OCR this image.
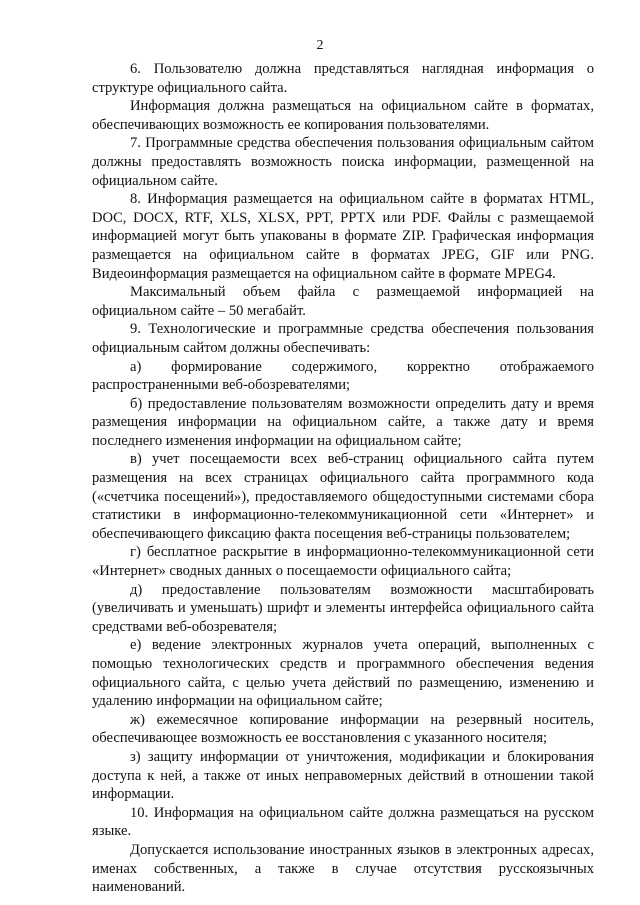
2

6. Пользователю должна представляться наглядная информация о структуре официального сайта.

Информация должна размещаться на официальном сайте в форматах, обеспечивающих возможность ее копирования пользователями.

7. Программные средства обеспечения пользования официальным сайтом должны предоставлять возможность поиска информации, размещенной на официальном сайте.

8. Информация размещается на официальном сайте в форматах HTML, DOC, DOCX, RTF, XLS, XLSX, PPT, PPTX или PDF. Файлы с размещаемой информацией могут быть упакованы в формате ZIP. Графическая информация размещается на официальном сайте в форматах JPEG, GIF или PNG. Видеоинформация размещается на официальном сайте в формате MPEG4.

Максимальный объем файла с размещаемой информацией на официальном сайте – 50 мегабайт.

9. Технологические и программные средства обеспечения пользования официальным сайтом должны обеспечивать:

а) формирование содержимого, корректно отображаемого распространенными веб-обозревателями;

б) предоставление пользователям возможности определить дату и время размещения информации на официальном сайте, а также дату и время последнего изменения информации на официальном сайте;

в) учет посещаемости всех веб-страниц официального сайта путем размещения на всех страницах официального сайта программного кода («счетчика посещений»), предоставляемого общедоступными системами сбора статистики в информационно-телекоммуникационной сети «Интернет» и обеспечивающего фиксацию факта посещения веб-страницы пользователем;

г) бесплатное раскрытие в информационно-телекоммуникационной сети «Интернет» сводных данных о посещаемости официального сайта;

д) предоставление пользователям возможности масштабировать (увеличивать и уменьшать) шрифт и элементы интерфейса официального сайта средствами веб-обозревателя;

е) ведение электронных журналов учета операций, выполненных с помощью технологических средств и программного обеспечения ведения официального сайта, с целью учета действий по размещению, изменению и удалению информации на официальном сайте;

ж) ежемесячное копирование информации на резервный носитель, обеспечивающее возможность ее восстановления с указанного носителя;

з) защиту информации от уничтожения, модификации и блокирования доступа к ней, а также от иных неправомерных действий в отношении такой информации.

10. Информация на официальном сайте должна размещаться на русском языке.

Допускается использование иностранных языков в электронных адресах, именах собственных, а также в случае отсутствия русскоязычных наименований.
